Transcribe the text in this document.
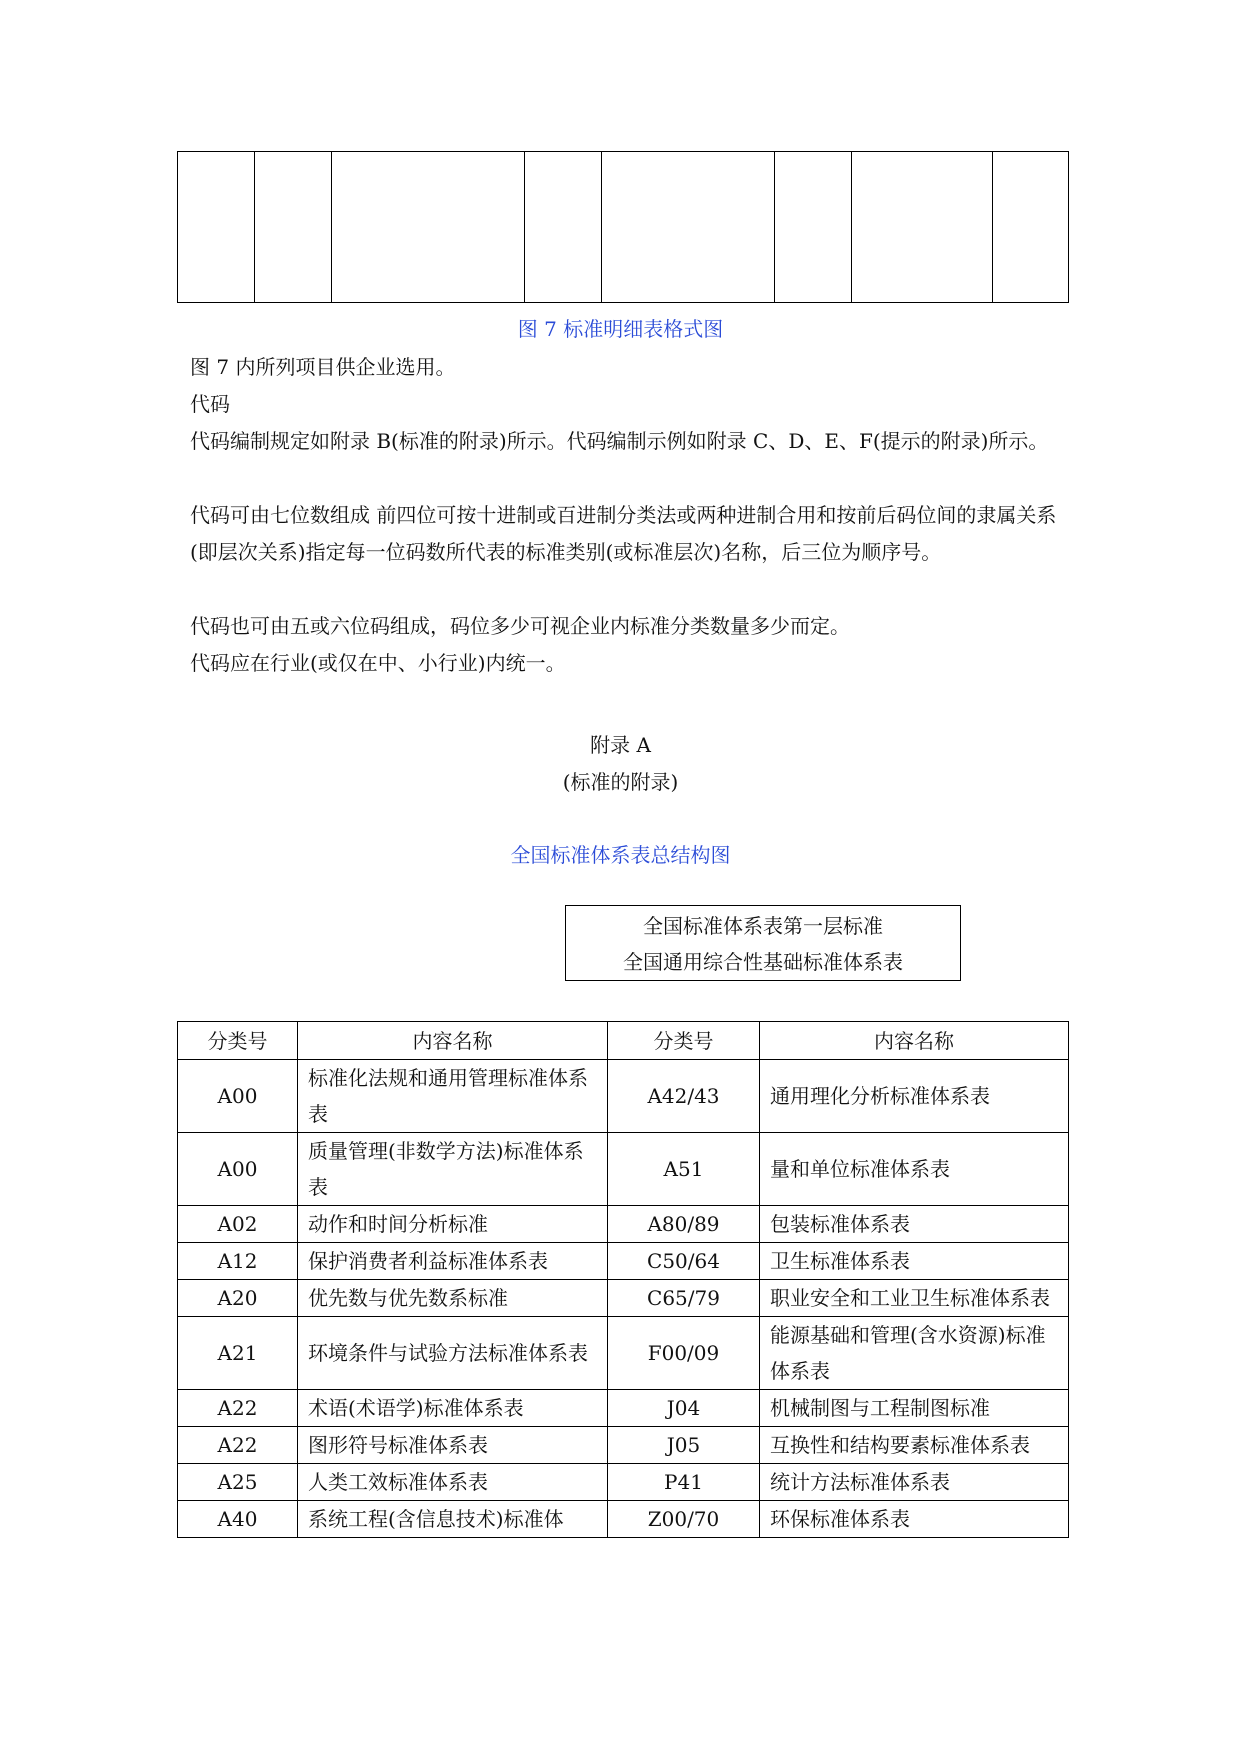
图 7 标准明细表格式图

图 7 内所列项目供企业选用。

代码

代码编制规定如附录 B(标准的附录)所示。代码编制示例如附录 C、D、E、F(提示的附录)所示。

代码可由七位数组成 前四位可按十进制或百进制分类法或两种进制合用和按前后码位间的隶属关系(即层次关系)指定每一位码数所代表的标准类别(或标准层次)名称，后三位为顺序号。

代码也可由五或六位码组成，码位多少可视企业内标准分类数量多少而定。

代码应在行业(或仅在中、小行业)内统一。

附录 A
(标准的附录)
全国标准体系表总结构图
全国标准体系表第一层标准
全国通用综合性基础标准体系表
分类号	内容名称	分类号	内容名称
A00	标准化法规和通用管理标准体系表	A42/43	通用理化分析标准体系表
A00	质量管理(非数学方法)标准体系表	A51	量和单位标准体系表
A02	动作和时间分析标准	A80/89	包装标准体系表
A12	保护消费者利益标准体系表	C50/64	卫生标准体系表
A20	优先数与优先数系标准	C65/79	职业安全和工业卫生标准体系表
A21	环境条件与试验方法标准体系表	F00/09	能源基础和管理(含水资源)标准体系表
A22	术语(术语学)标准体系表	J04	机械制图与工程制图标准
A22	图形符号标准体系表	J05	互换性和结构要素标准体系表
A25	人类工效标准体系表	P41	统计方法标准体系表
A40	系统工程(含信息技术)标准体	Z00/70	环保标准体系表
